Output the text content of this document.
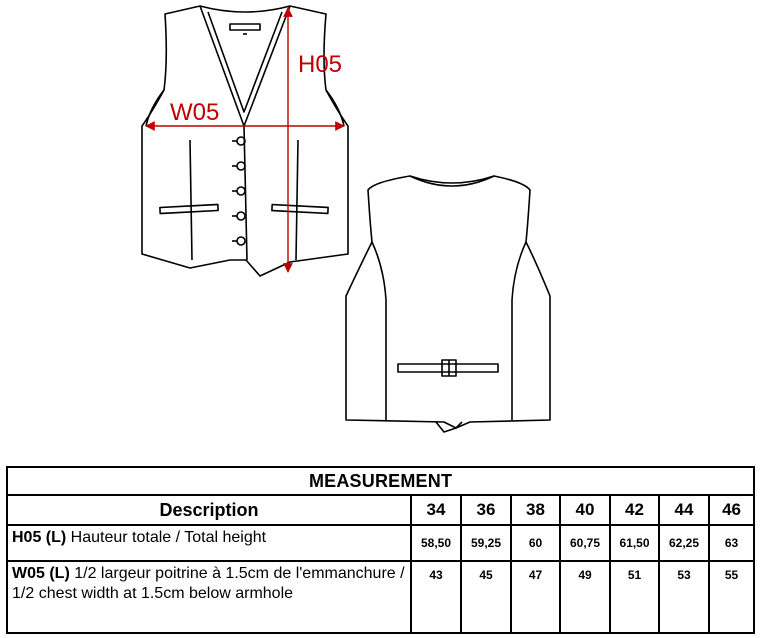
H05
W05
MEASUREMENT							
Description	34	36	38	40	42	44	46
H05 (L) Hauteur totale / Total height	58,50	59,25	60	60,75	61,50	62,25	63
W05 (L) 1/2 largeur poitrine à 1.5cm de l'emmanchure / 1/2 chest width at 1.5cm below armhole	43	45	47	49	51	53	55
